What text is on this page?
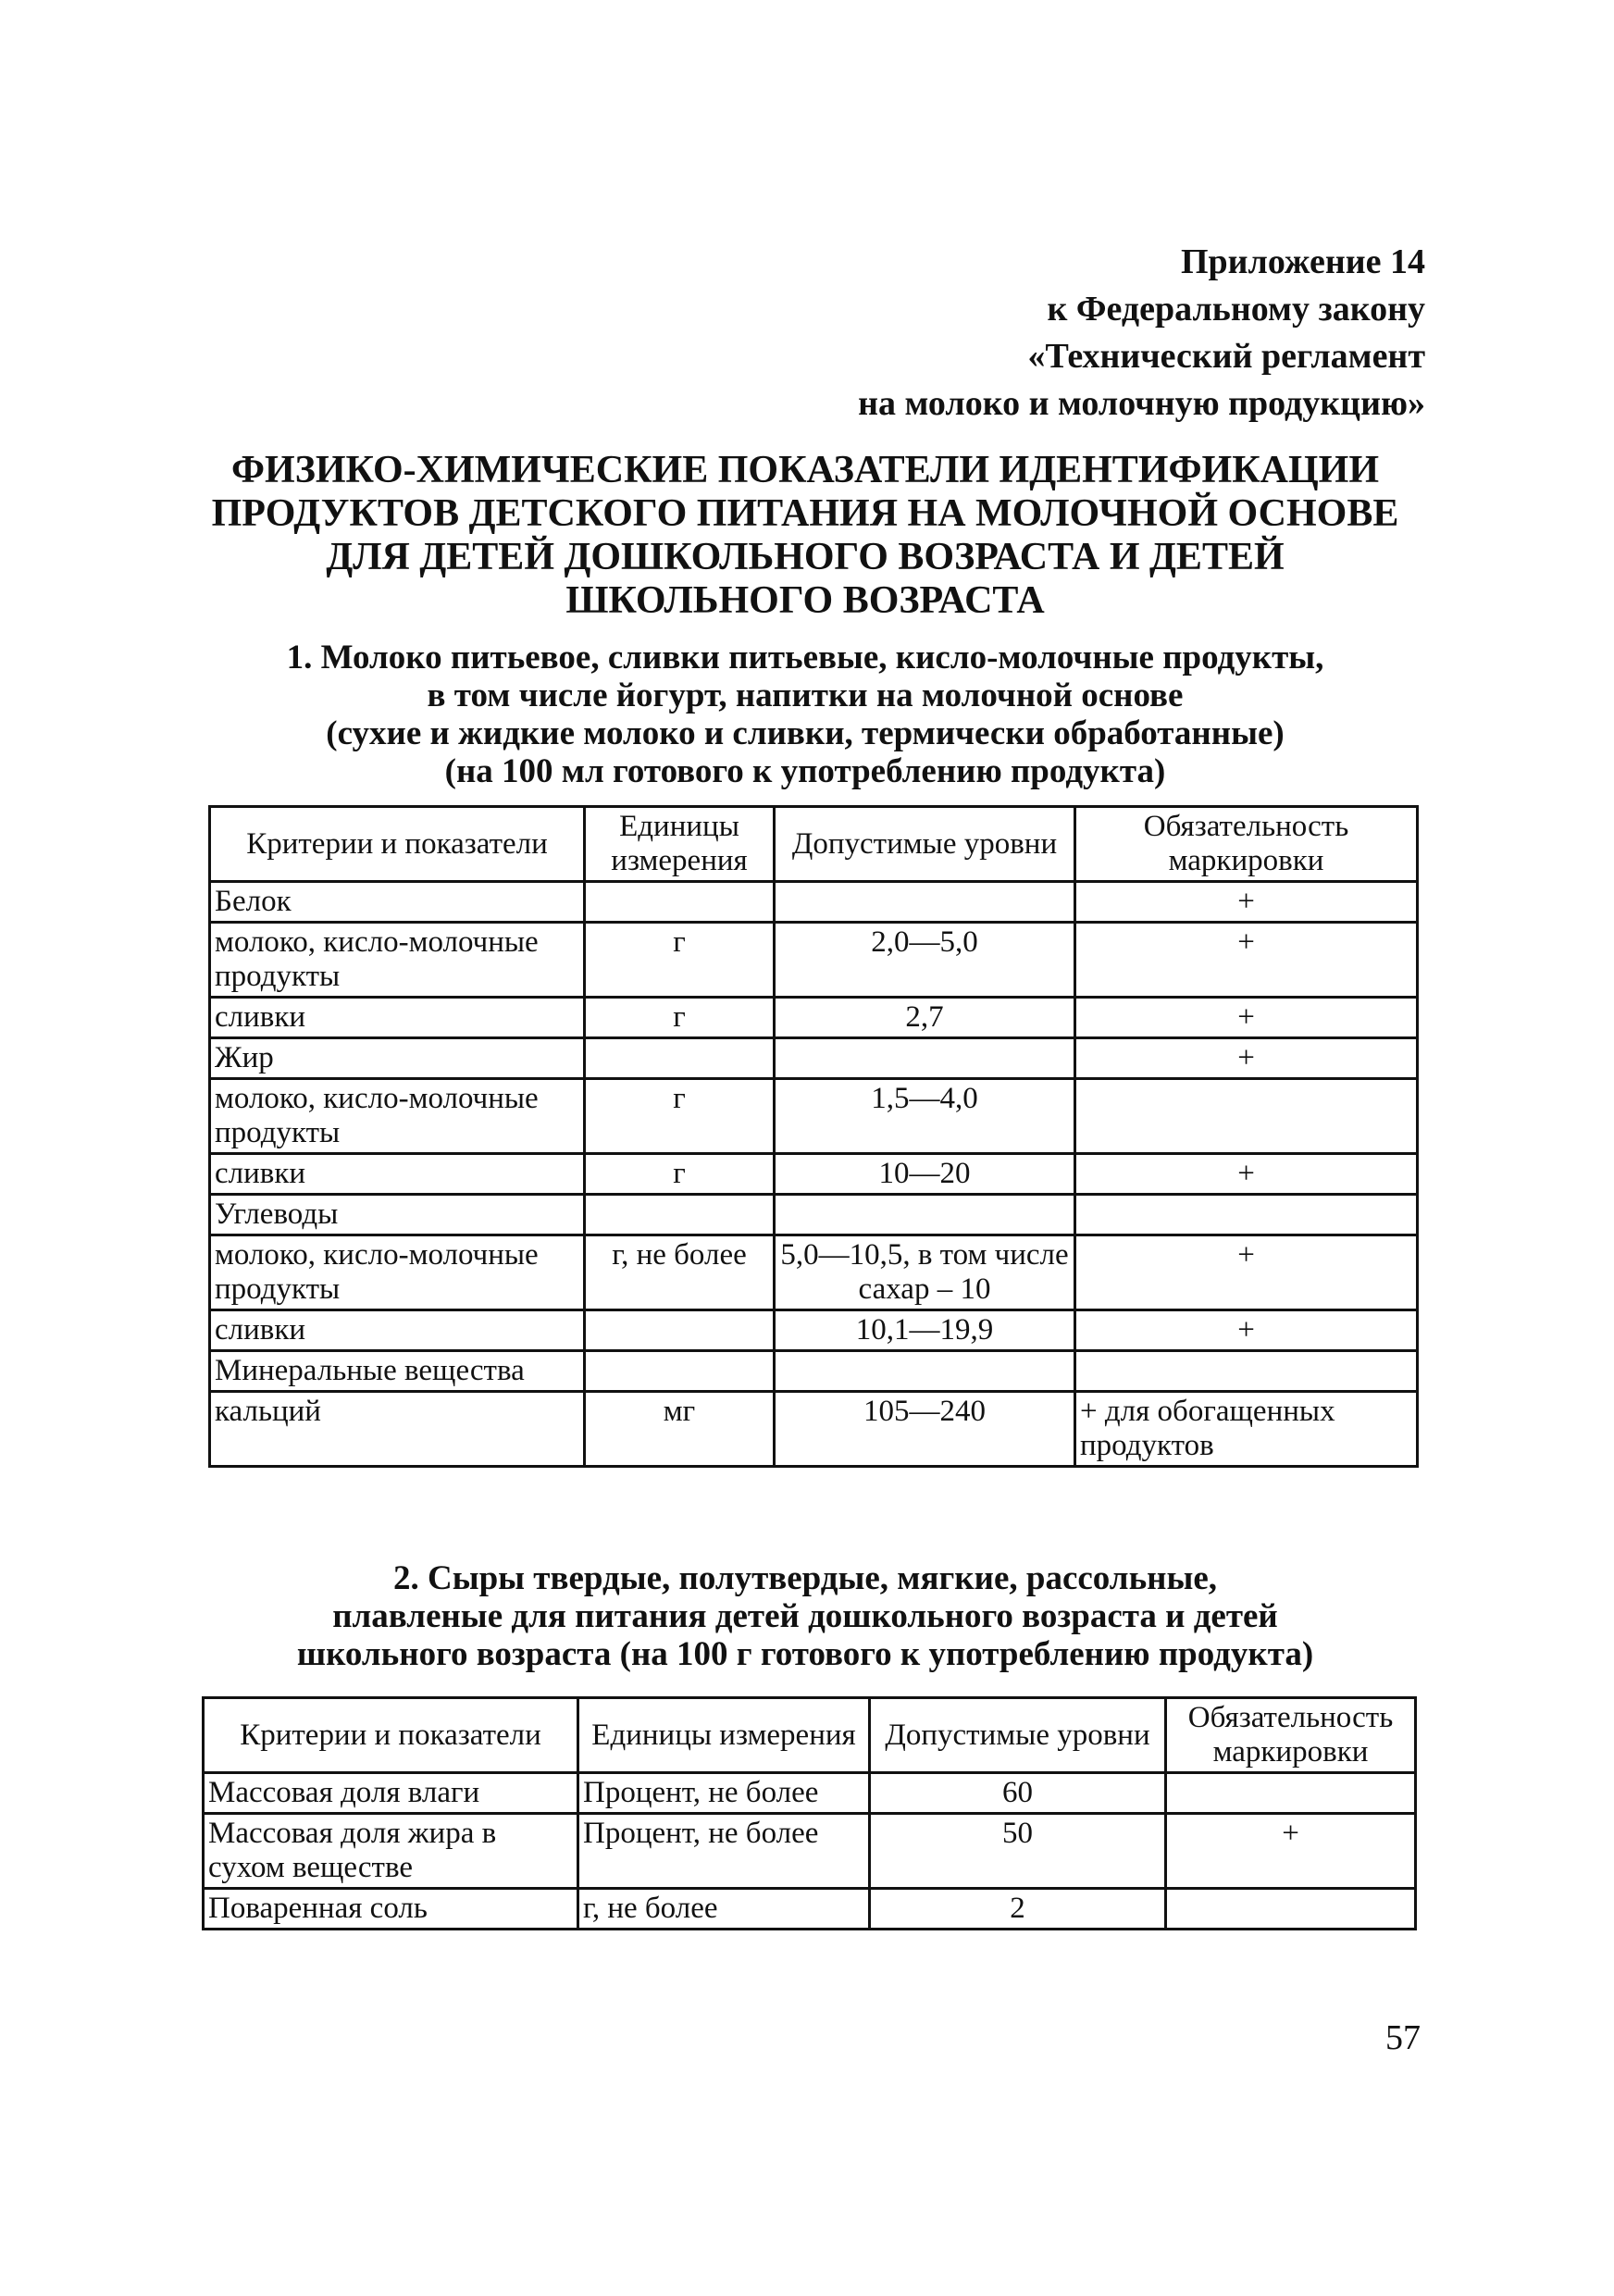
Приложение 14
к Федеральному закону
«Технический регламент
на молоко и молочную продукцию»
ФИЗИКО-ХИМИЧЕСКИЕ ПОКАЗАТЕЛИ ИДЕНТИФИКАЦИИ
ПРОДУКТОВ ДЕТСКОГО ПИТАНИЯ НА МОЛОЧНОЙ ОСНОВЕ
ДЛЯ ДЕТЕЙ ДОШКОЛЬНОГО ВОЗРАСТА И ДЕТЕЙ
ШКОЛЬНОГО ВОЗРАСТА
1. Молоко питьевое, сливки питьевые, кисло-молочные продукты,
в том числе йогурт, напитки на молочной основе
(сухие и жидкие молоко и сливки, термически обработанные)
(на 100 мл готового к употреблению продукта)
Критерии и показатели	Единицы измерения	Допустимые уровни	Обязательность маркировки
Белок			+
молоко, кисло-молочные продукты	г	2,0—5,0	+
сливки	г	2,7	+
Жир			+
молоко, кисло-молочные продукты	г	1,5—4,0	
сливки	г	10—20	+
Углеводы			
молоко, кисло-молочные продукты	г, не более	5,0—10,5, в том числе сахар – 10	+
сливки		10,1—19,9	+
Минеральные вещества			
кальций	мг	105—240	+ для обогащенных продуктов
2. Сыры твердые, полутвердые, мягкие, рассольные,
плавленые для питания детей дошкольного возраста и детей
школьного возраста (на 100 г готового к употреблению продукта)
Критерии и показатели	Единицы измерения	Допустимые уровни	Обязательность маркировки
Массовая доля влаги	Процент, не более	60	
Массовая доля жира в сухом веществе	Процент, не более	50	+
Поваренная соль	г, не более	2	
57
